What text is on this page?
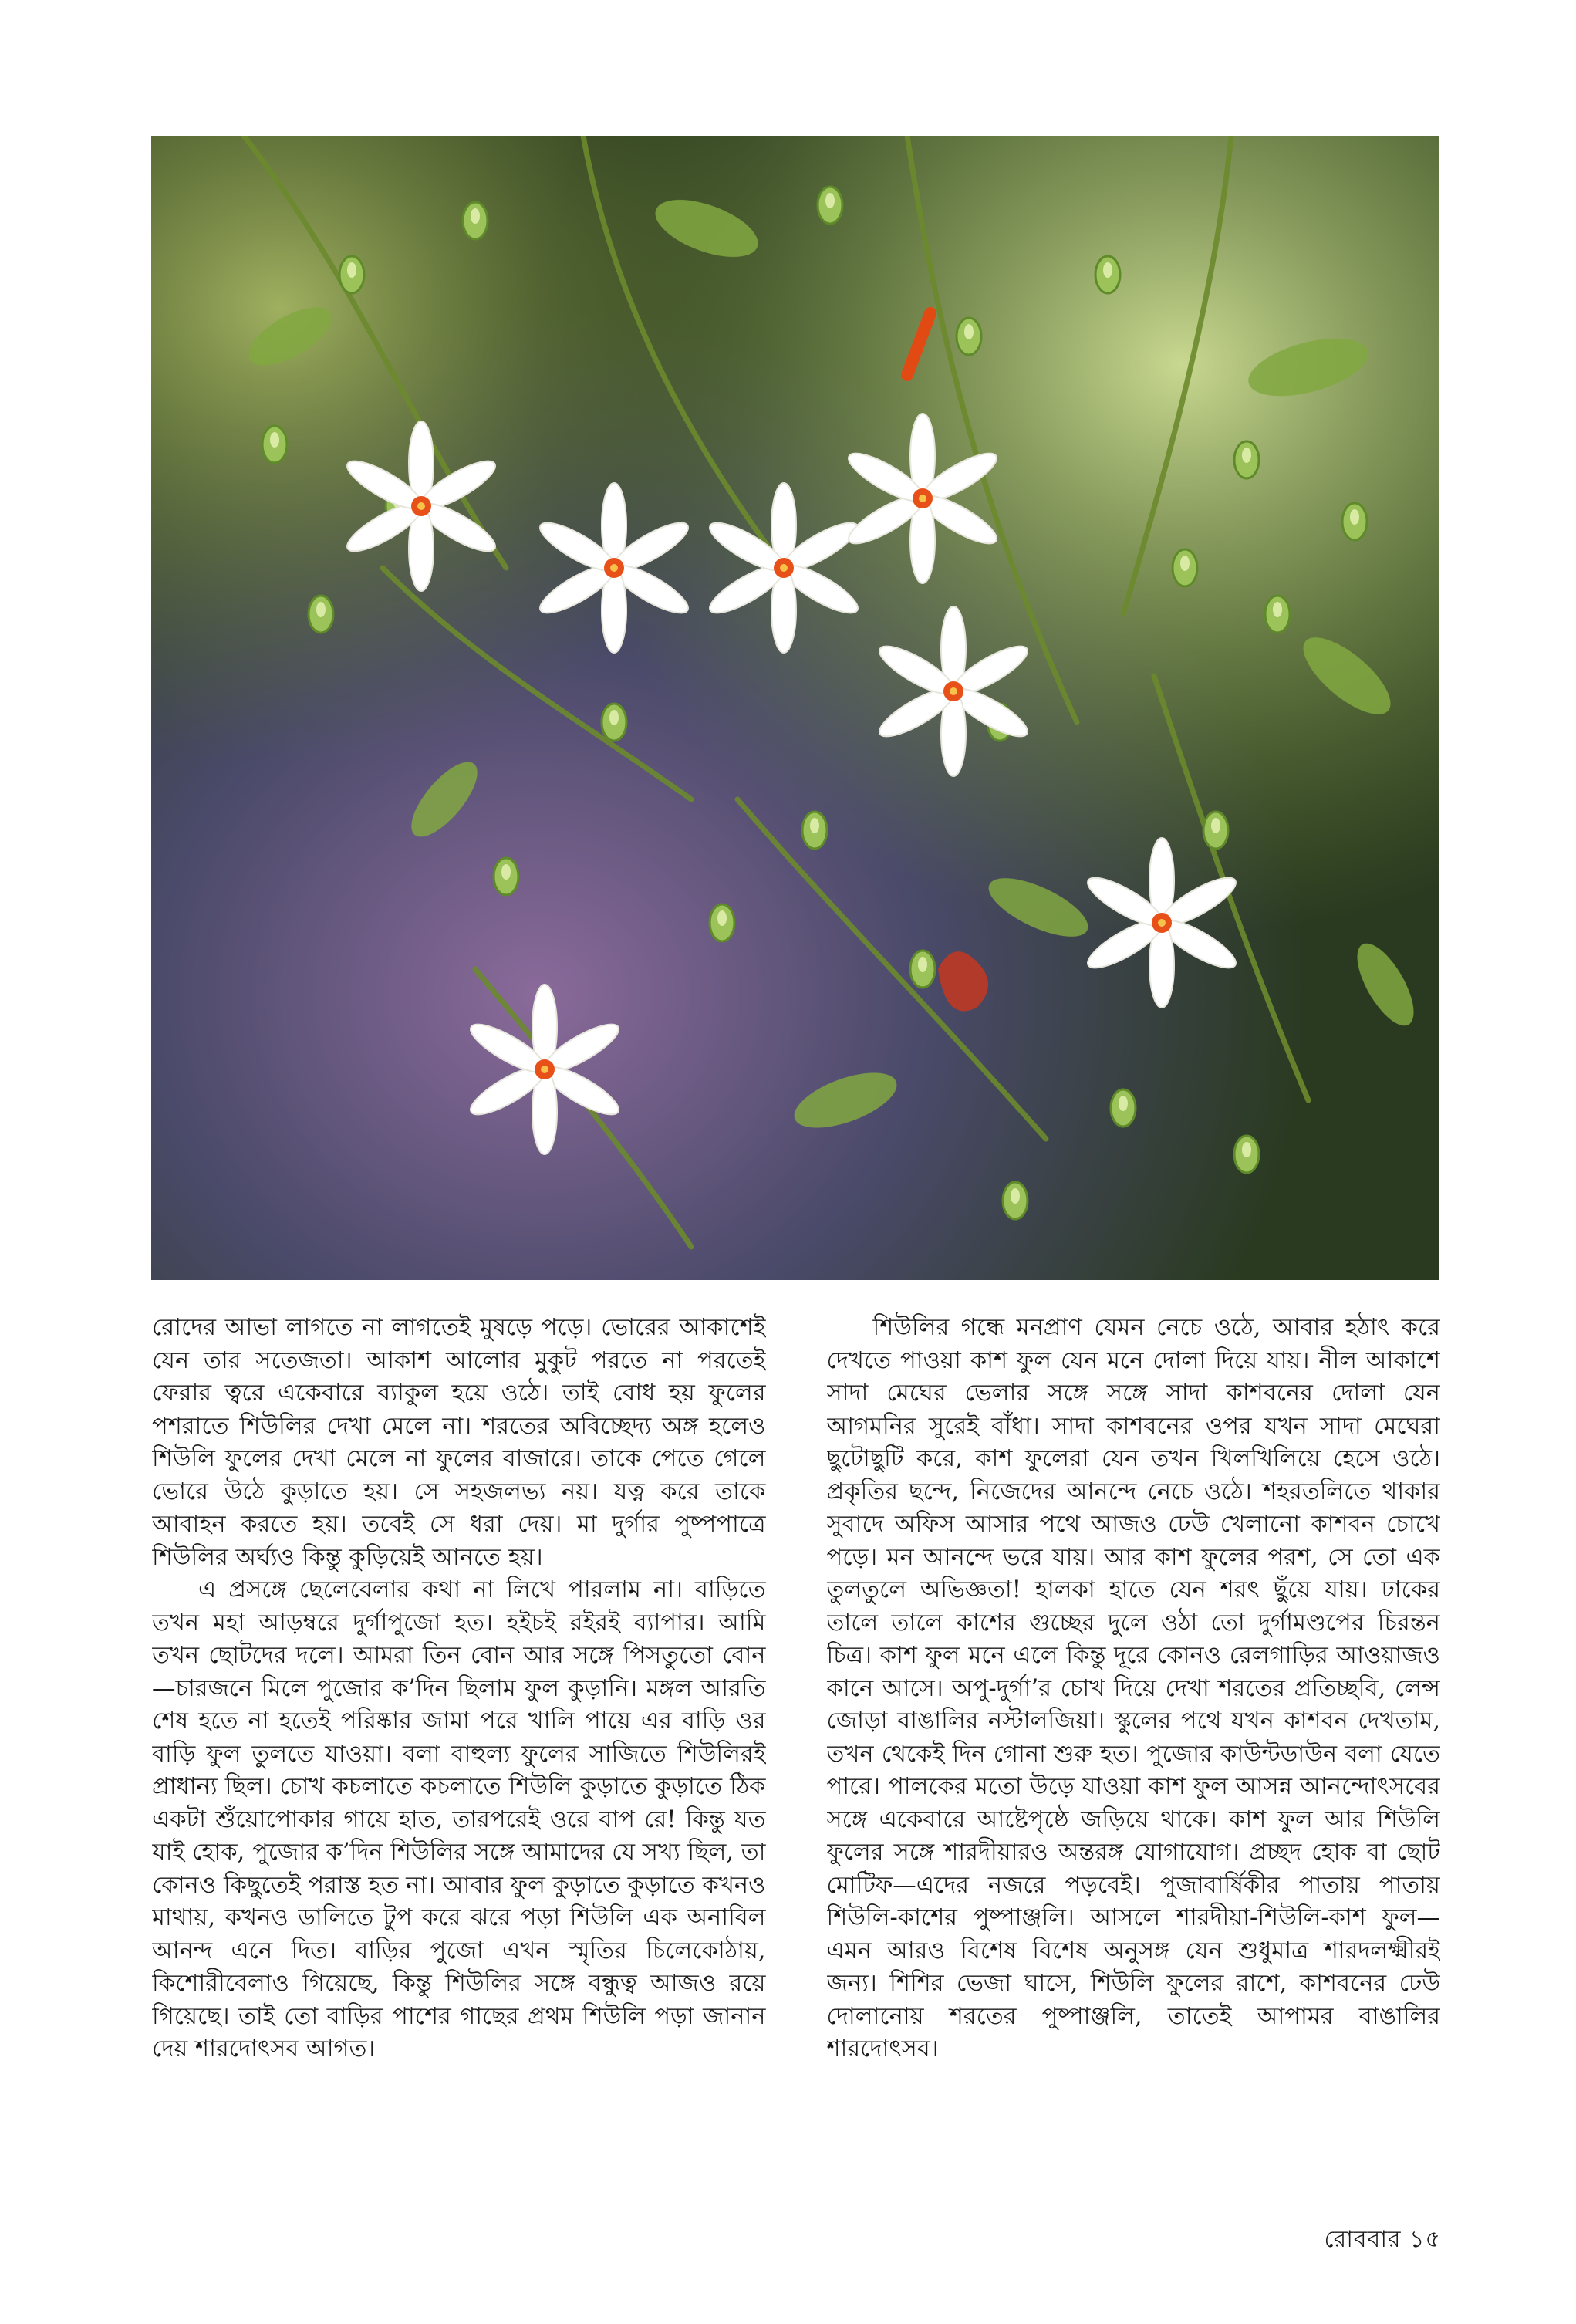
রোদের আভা লাগতে না লাগতেই মুষড়ে পড়ে। ভোরের আকাশেই যেন তার সতেজতা। আকাশ আলোর মুকুট পরতে না পরতেই ফেরার ত্বরে একেবারে ব্যাকুল হয়ে ওঠে। তাই বোধ হয় ফুলের পশরাতে শিউলির দেখা মেলে না। শরতের অবিচ্ছেদ্য অঙ্গ হলেও শিউলি ফুলের দেখা মেলে না ফুলের বাজারে। তাকে পেতে গেলে ভোরে উঠে কুড়াতে হয়। সে সহজলভ্য নয়। যত্ন করে তাকে আবাহন করতে হয়। তবেই সে ধরা দেয়। মা দুর্গার পুষ্পপাত্রে শিউলির অর্ঘ্যও কিন্তু কুড়িয়েই আনতে হয়।

এ প্রসঙ্গে ছেলেবেলার কথা না লিখে পারলাম না। বাড়িতে তখন মহা আড়ম্বরে দুর্গাপুজো হত। হইচই রইরই ব্যাপার। আমি তখন ছোটদের দলে। আমরা তিন বোন আর সঙ্গে পিসতুতো বোন—চারজনে মিলে পুজোর ক’দিন ছিলাম ফুল কুড়ানি। মঙ্গল আরতি শেষ হতে না হতেই পরিষ্কার জামা পরে খালি পায়ে এর বাড়ি ওর বাড়ি ফুল তুলতে যাওয়া। বলা বাহুল্য ফুলের সাজিতে শিউলিরই প্রাধান্য ছিল। চোখ কচলাতে কচলাতে শিউলি কুড়াতে কুড়াতে ঠিক একটা শুঁয়োপোকার গায়ে হাত, তারপরেই ওরে বাপ রে! কিন্তু যত যাই হোক, পুজোর ক’দিন শিউলির সঙ্গে আমাদের যে সখ্য ছিল, তা কোনও কিছুতেই পরাস্ত হত না। আবার ফুল কুড়াতে কুড়াতে কখনও মাথায়, কখনও ডালিতে টুপ করে ঝরে পড়া শিউলি এক অনাবিল আনন্দ এনে দিত। বাড়ির পুজো এখন স্মৃতির চিলেকোঠায়, কিশোরীবেলাও গিয়েছে, কিন্তু শিউলির সঙ্গে বন্ধুত্ব আজও রয়ে গিয়েছে। তাই তো বাড়ির পাশের গাছের প্রথম শিউলি পড়া জানান দেয় শারদোৎসব আগত।

শিউলির গন্ধে মনপ্রাণ যেমন নেচে ওঠে, আবার হঠাৎ করে দেখতে পাওয়া কাশ ফুল যেন মনে দোলা দিয়ে যায়। নীল আকাশে সাদা মেঘের ভেলার সঙ্গে সঙ্গে সাদা কাশবনের দোলা যেন আগমনির সুরেই বাঁধা। সাদা কাশবনের ওপর যখন সাদা মেঘেরা ছুটোছুটি করে, কাশ ফুলেরা যেন তখন খিলখিলিয়ে হেসে ওঠে। প্রকৃতির ছন্দে, নিজেদের আনন্দে নেচে ওঠে। শহরতলিতে থাকার সুবাদে অফিস আসার পথে আজও ঢেউ খেলানো কাশবন চোখে পড়ে। মন আনন্দে ভরে যায়। আর কাশ ফুলের পরশ, সে তো এক তুলতুলে অভিজ্ঞতা! হালকা হাতে যেন শরৎ ছুঁয়ে যায়। ঢাকের তালে তালে কাশের গুচ্ছের দুলে ওঠা তো দুর্গামণ্ডপের চিরন্তন চিত্র। কাশ ফুল মনে এলে কিন্তু দূরে কোনও রেলগাড়ির আওয়াজও কানে আসে। অপু-দুর্গা’র চোখ দিয়ে দেখা শরতের প্রতিচ্ছবি, লেন্স জোড়া বাঙালির নস্টালজিয়া। স্কুলের পথে যখন কাশবন দেখতাম, তখন থেকেই দিন গোনা শুরু হত। পুজোর কাউন্টডাউন বলা যেতে পারে। পালকের মতো উড়ে যাওয়া কাশ ফুল আসন্ন আনন্দোৎসবের সঙ্গে একেবারে আষ্টেপৃষ্ঠে জড়িয়ে থাকে। কাশ ফুল আর শিউলি ফুলের সঙ্গে শারদীয়ারও অন্তরঙ্গ যোগাযোগ। প্রচ্ছদ হোক বা ছোট মোটিফ—এদের নজরে পড়বেই। পুজাবার্ষিকীর পাতায় পাতায় শিউলি-কাশের পুষ্পাঞ্জলি। আসলে শারদীয়া-শিউলি-কাশ ফুল—এমন আরও বিশেষ বিশেষ অনুসঙ্গ যেন শুধুমাত্র শারদলক্ষ্মীরই জন্য। শিশির ভেজা ঘাসে, শিউলি ফুলের রাশে, কাশবনের ঢেউ দোলানোয় শরতের পুষ্পাঞ্জলি, তাতেই আপামর বাঙালির শারদোৎসব।

রোববার ১৫
